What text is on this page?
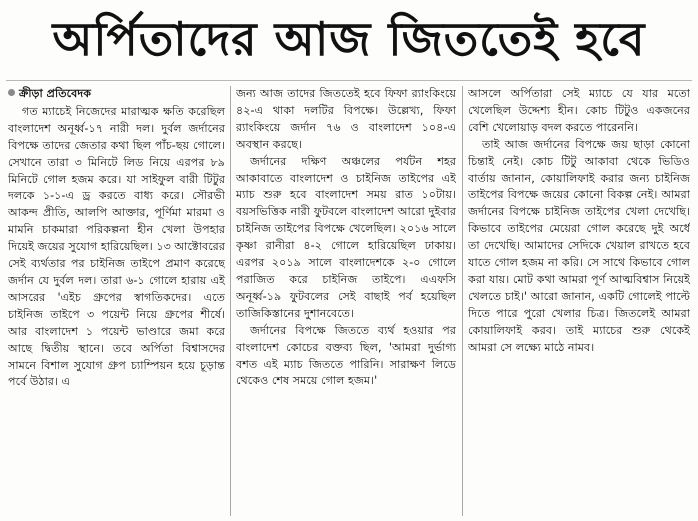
অর্পিতাদের আজ জিততেই হবে
ক্রীড়া প্রতিবেদক

গত ম্যাচেই নিজেদের মারাত্মক ক্ষতি করেছিল বাংলাদেশ অনূর্ধ্ব-১৭ নারী দল। দুর্বল জর্দানের বিপক্ষে তাদের জেতার কথা ছিল পাঁচ-ছয় গোলে। সেখানে তারা ৩ মিনিটে লিড নিয়ে এরপর ৮৯ মিনিটে গোল হজম করে। যা সাইফুল বারী টিটুর দলকে ১-১-এ ড্র করতে বাধ্য করে। সৌরভী আকন্দ প্রীতি, আলপি আক্তার, পূর্ণিমা মারমা ও মামনি চাকমারা পরিকল্পনা হীন খেলা উপহার দিয়েই জয়ের সুযোগ হারিয়েছিল। ১৩ আক্টোবরের সেই ব্যর্থতার পর চাইনিজ তাইপে প্রমাণ করেছে জর্দান যে দুর্বল দল। তারা ৬-১ গোলে হারায় এই আসরের 'এইচ গ্রুপের স্বাগতিকদের। এতে চাইনিজ তাইপে ৩ পয়েন্ট নিয়ে গ্রুপের শীর্ষে। আর বাংলাদেশ ১ পয়েন্ট ভাণ্ডারে জমা করে আছে দ্বিতীয় স্থানে। তবে অর্পিতা বিশ্বাসদের সামনে বিশাল সুযোগ গ্রুপ চ্যাম্পিয়ন হয়ে চূড়ান্ত পর্বে উঠার। এ

জন্য আজ তাদের জিততেই হবে ফিফা র‍্যাংকিংয়ে ৪২-এ থাকা দলটির বিপক্ষে। উল্লেখ্য, ফিফা র‍্যাংকিংয়ে জর্দান ৭৬ ও বাংলাদেশ ১০৪-এ অবস্থান করছে।

জর্দানের দক্ষিণ অঞ্চলের পর্যটন শহর আকাবাতে বাংলাদেশ ও চাইনিজ তাইপের এই ম্যাচ শুরু হবে বাংলাদেশ সময় রাত ১০টায়। বয়সভিত্তিক নারী ফুটবলে বাংলাদেশ আরো দুইবার চাইনিজ তাইপের বিপক্ষে খেলেছিল। ২০১৬ সালে কৃষ্ণা রানীরা ৪-২ গোলে হারিয়েছিল ঢাকায়। এরপর ২০১৯ সালে বাংলাদেশকে ২-০ গোলে পরাজিত করে চাইনিজ তাইপে। এএফসি অনূর্ধ্ব-১৯ ফুটবলের সেই বাছাই পর্ব হয়েছিল তাজিকিস্তানের দুশানবেতে।

জর্দানের বিপক্ষে জিততে ব্যর্থ হওয়ার পর বাংলাদেশ কোচের বক্তব্য ছিল, 'আমরা দুর্ভাগ্য বশত এই ম্যাচ জিততে পারিনি। সারাক্ষণ লিডে থেকেও শেষ সময়ে গোল হজম।'

আসলে অর্পিতারা সেই ম্যাচে যে যার মতো খেলেছিল উদ্দেশ্য হীন। কোচ টিটুও একজনের বেশি খেলোয়াড় বদল করতে পারেননি।

তাই আজ জর্দানের বিপক্ষে জয় ছাড়া কোনো চিন্তাই নেই। কোচ টিটু আকাবা থেকে ভিডিও বার্তায় জানান, কোয়ালিফাই করার জন্য চাইনিজ তাইপের বিপক্ষে জয়ের কোনো বিকল্প নেই। আমরা জর্দানের বিপক্ষে চাইনিজ তাইপের খেলা দেখেছি। কিভাবে তাইপের মেয়েরা গোল করেছে দুই অর্ধে তা দেখেছি। আমাদের সেদিকে খেয়াল রাখতে হবে যাতে গোল হজম না করি। সে সাথে কিভাবে গোল করা যায়। মোট কথা আমরা পূর্ণ আত্মবিশ্বাস নিয়েই খেলতে চাই।' আরো জানান, একটি গোলেই পাল্টে দিতে পারে পুরো খেলার চিত্র। জিতলেই আমরা কোয়ালিফাই করব। তাই ম্যাচের শুরু থেকেই আমরা সে লক্ষ্যে মাঠে নামব।
